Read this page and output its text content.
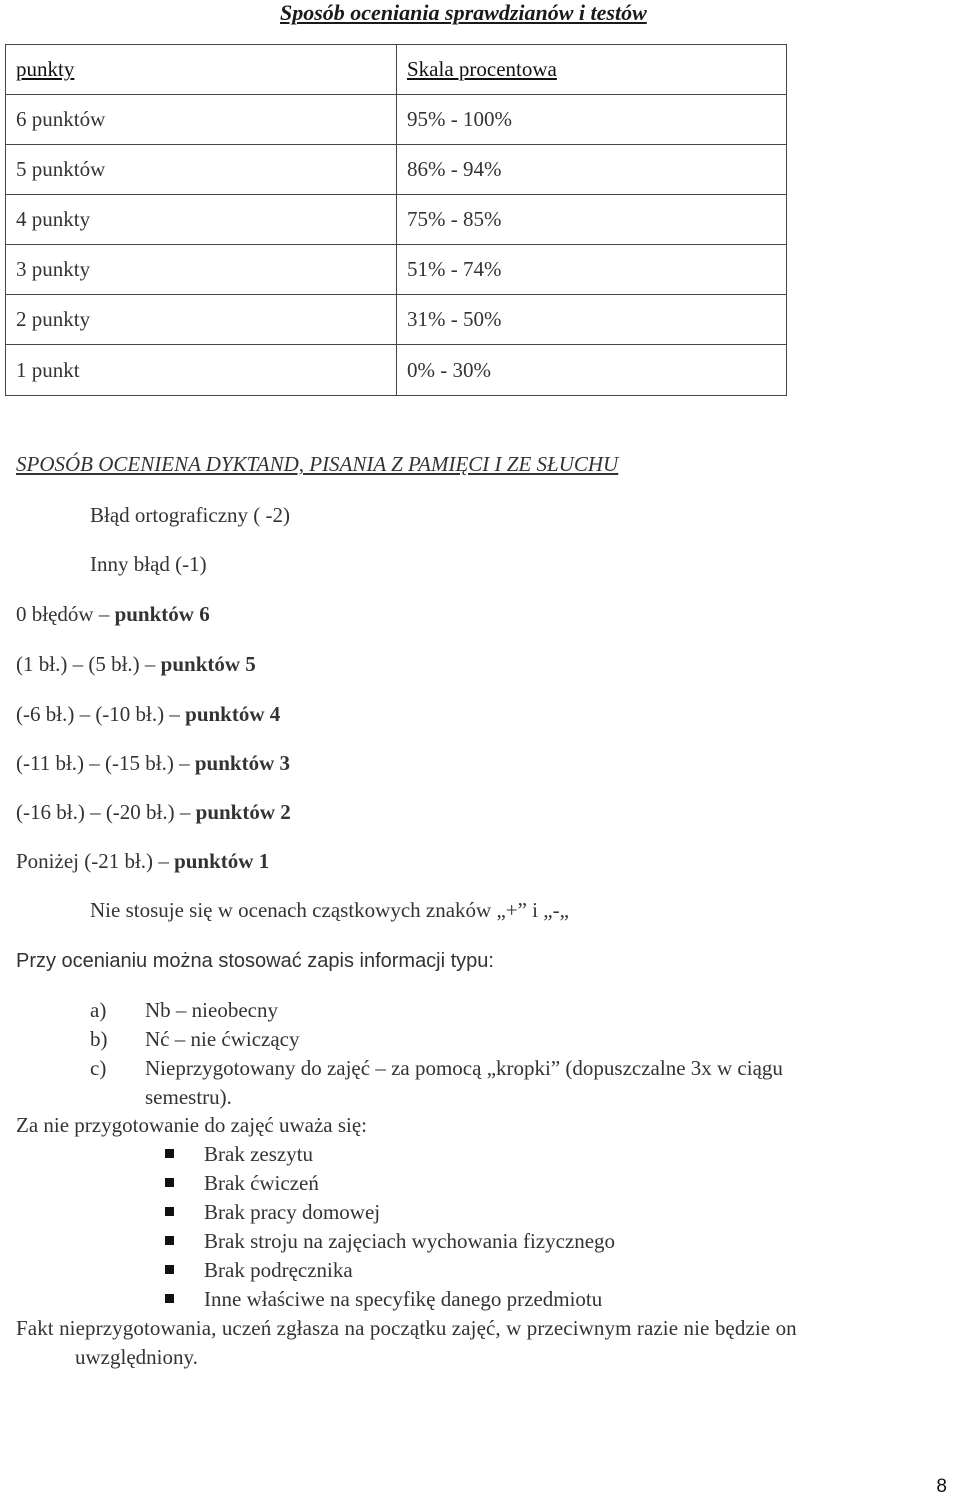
Sposób oceniania sprawdzianów i testów
punkty	Skala procentowa
6 punktów	95% - 100%
5 punktów	86% - 94%
4 punkty	75% - 85%
3 punkty	51% - 74%
2 punkty	31% - 50%
1 punkt	0% - 30%
SPOSÓB OCENIENA DYKTAND, PISANIA Z PAMIĘCI I ZE SŁUCHU
Błąd ortograficzny ( -2)
Inny błąd (-1)
0 błędów – punktów 6
(1 bł.) – (5 bł.) – punktów 5
(-6 bł.) – (-10 bł.) – punktów 4
(-11 bł.) – (-15 bł.) – punktów 3
(-16 bł.) – (-20 bł.) – punktów 2
Poniżej (-21 bł.) – punktów 1
Nie stosuje się w ocenach cząstkowych znaków „+” i „-„
Przy ocenianiu można stosować zapis informacji typu:
a) Nb – nieobecny
b) Nć – nie ćwiczący
c) Nieprzygotowany do zajęć – za pomocą „kropki” (dopuszczalne 3x w ciągu
semestru).
Za nie przygotowanie do zajęć uważa się:
Brak zeszytu
Brak ćwiczeń
Brak pracy domowej
Brak stroju na zajęciach wychowania fizycznego
Brak podręcznika
Inne właściwe na specyfikę danego przedmiotu
Fakt nieprzygotowania, uczeń zgłasza na początku zajęć, w przeciwnym razie nie będzie on
uwzględniony.
8
